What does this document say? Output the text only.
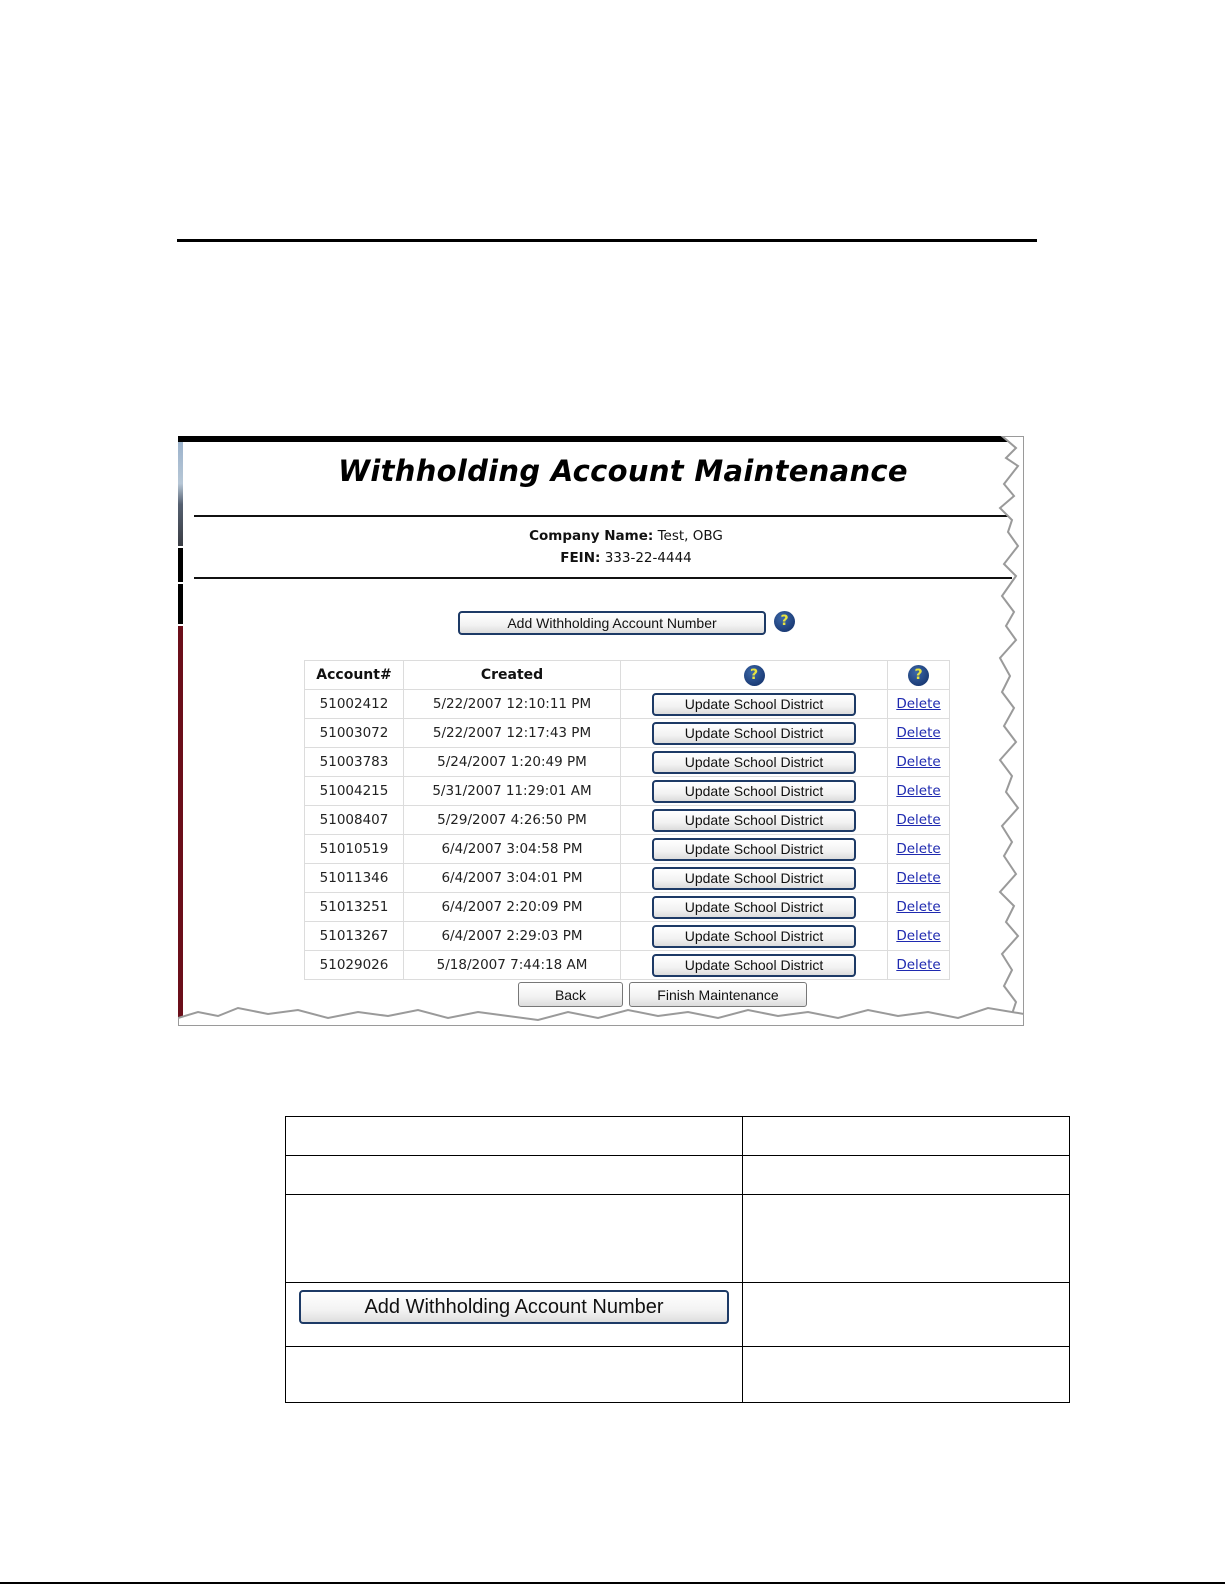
Withholding Account Maintenance
Company Name: Test, OBG
FEIN: 333-22-4444
Add Withholding Account Number	?
Account#	Created	?	?
51002412	5/22/2007 12:10:11 PM	Update School District	Delete
51003072	5/22/2007 12:17:43 PM	Update School District	Delete
51003783	5/24/2007 1:20:49 PM	Update School District	Delete
51004215	5/31/2007 11:29:01 AM	Update School District	Delete
51008407	5/29/2007 4:26:50 PM	Update School District	Delete
51010519	6/4/2007 3:04:58 PM	Update School District	Delete
51011346	6/4/2007 3:04:01 PM	Update School District	Delete
51013251	6/4/2007 2:20:09 PM	Update School District	Delete
51013267	6/4/2007 2:29:03 PM	Update School District	Delete
51029026	5/18/2007 7:44:18 AM	Update School District	Delete
Back	Finish Maintenance

Add Withholding Account Number	
